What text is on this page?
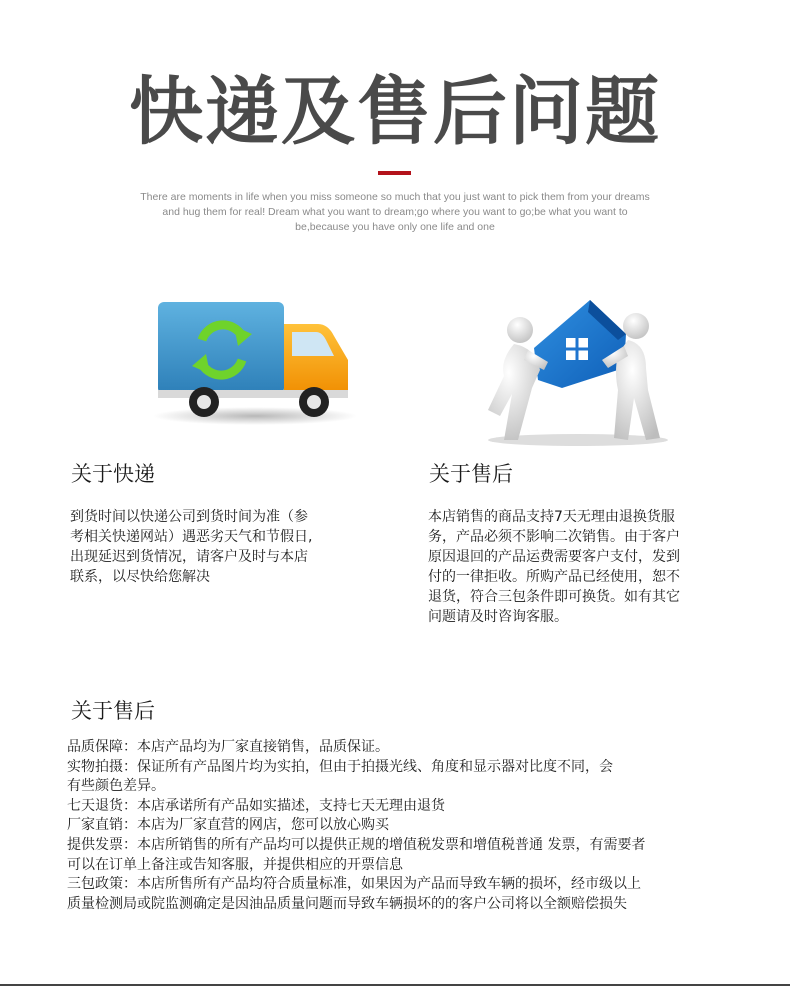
快递及售后问题
There are moments in life when you miss someone so much that you just want to pick them from your dreams and hug them for real! Dream what you want to dream;go where you want to go;be what you want to be,because you have only one life and one
关于快递
到货时间以快递公司到货时间为准（参
考相关快递网站）遇恶劣天气和节假日,
出现延迟到货情况，请客户及时与本店
联系，以尽快给您解决
关于售后
本店销售的商品支持7天无理由退换货服
务，产品必须不影响二次销售。由于客户
原因退回的产品运费需要客户支付，发到
付的一律拒收。所购产品已经使用，恕不
退货，符合三包条件即可换货。如有其它
问题请及时咨询客服。
关于售后
品质保障：本店产品均为厂家直接销售，品质保证。
实物拍摄：保证所有产品图片均为实拍，但由于拍摄光线、角度和显示器对比度不同，会
有些颜色差异。
七天退货：本店承诺所有产品如实描述，支持七天无理由退货
厂家直销：本店为厂家直营的网店，您可以放心购买
提供发票：本店所销售的所有产品均可以提供正规的增值税发票和增值税普通 发票，有需要者
可以在订单上备注或告知客服，并提供相应的开票信息
三包政策：本店所售所有产品均符合质量标准，如果因为产品而导致车辆的损坏，经市级以上
质量检测局或院监测确定是因油品质量问题而导致车辆损坏的的客户公司将以全额赔偿损失
